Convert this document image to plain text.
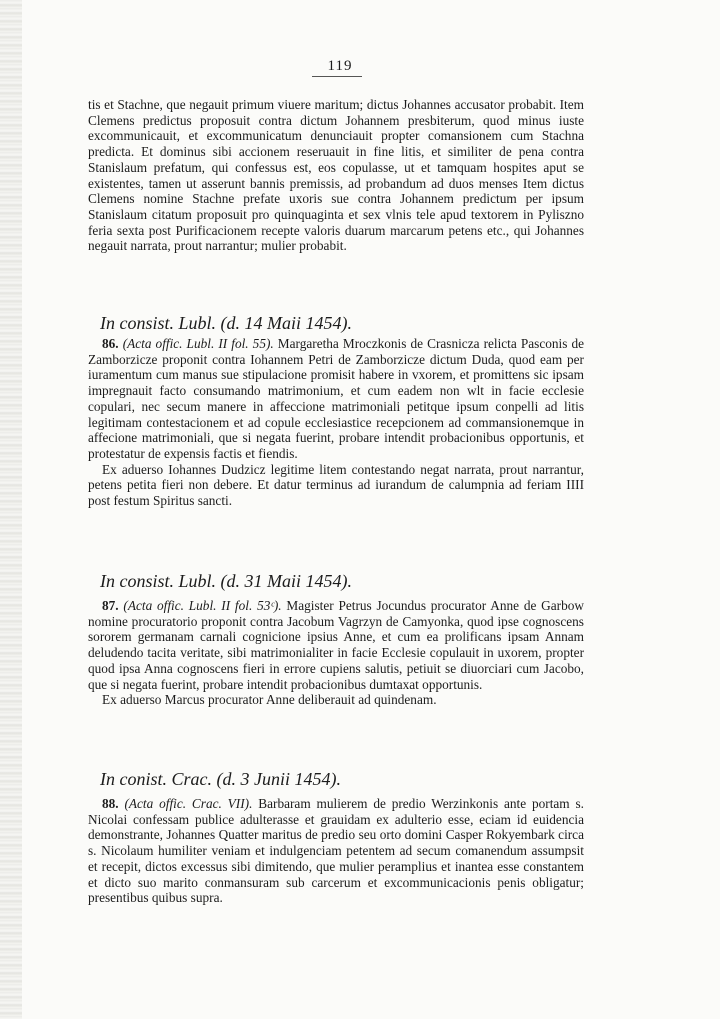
119

tis et Stachne, que negauit primum viuere maritum; dictus Johannes accusator probabit. Item Clemens predictus proposuit contra dictum Johannem presbiterum, quod minus iuste excommunicauit, et excommunicatum denunciauit propter comansionem cum Stachna predicta. Et dominus sibi accionem reseruauit in fine litis, et similiter de pena contra Stanislaum prefatum, qui confessus est, eos copulasse, ut et tamquam hospites aput se existentes, tamen ut asserunt bannis premissis, ad probandum ad duos menses Item dictus Clemens nomine Stachne prefate uxoris sue contra Johannem predictum per ipsum Stanislaum citatum proposuit pro quinquaginta et sex vlnis tele apud textorem in Pyliszno feria sexta post Purificacionem recepte valoris duarum marcarum petens etc., qui Johannes negauit narrata, prout narrantur; mulier probabit.

In consist. Lubl. (d. 14 Maii 1454).

86. (Acta offic. Lubl. II fol. 55). Margaretha Mroczkonis de Crasnicza relicta Pasconis de Zamborzicze proponit contra Iohannem Petri de Zamborzicze dictum Duda, quod eam per iuramentum cum manus sue stipulacione promisit habere in vxorem, et promittens sic ipsam impregnauit facto consumando matrimonium, et cum eadem non wlt in facie ecclesie copulari, nec secum manere in affeccione matrimoniali petitque ipsum conpelli ad litis legitimam contestacionem et ad copule ecclesiastice recepcionem ad commansionemque in affecione matrimoniali, que si negata fuerint, probare intendit probacionibus opportunis, et protestatur de expensis factis et fiendis.

Ex aduerso Iohannes Dudzicz legitime litem contestando negat narrata, prout narrantur, petens petita fieri non debere. Et datur terminus ad iurandum de calumpnia ad feriam IIII post festum Spiritus sancti.

In consist. Lubl. (d. 31 Maii 1454).

87. (Acta offic. Lubl. II fol. 53ᶜ). Magister Petrus Jocundus procurator Anne de Garbow nomine procuratorio proponit contra Jacobum Vagrzyn de Camyonka, quod ipse cognoscens sororem germanam carnali cognicione ipsius Anne, et cum ea prolificans ipsam Annam deludendo tacita veritate, sibi matrimonialiter in facie Ecclesie copulauit in uxorem, propter quod ipsa Anna cognoscens fieri in errore cupiens salutis, petiuit se diuorciari cum Jacobo, que si negata fuerint, probare intendit probacionibus dumtaxat opportunis.

Ex aduerso Marcus procurator Anne deliberauit ad quindenam.

In conist. Crac. (d. 3 Junii 1454).

88. (Acta offic. Crac. VII). Barbaram mulierem de predio Werzinkonis ante portam s. Nicolai confessam publice adulterasse et grauidam ex adulterio esse, eciam id euidencia demonstrante, Johannes Quatter maritus de predio seu orto domini Casper Rokyembark circa s. Nicolaum humiliter veniam et indulgenciam petentem ad secum comanendum assumpsit et recepit, dictos excessus sibi dimitendo, que mulier peramplius et inantea esse constantem et dicto suo marito conmansuram sub carcerum et excommunicacionis penis obligatur; presentibus quibus supra.
